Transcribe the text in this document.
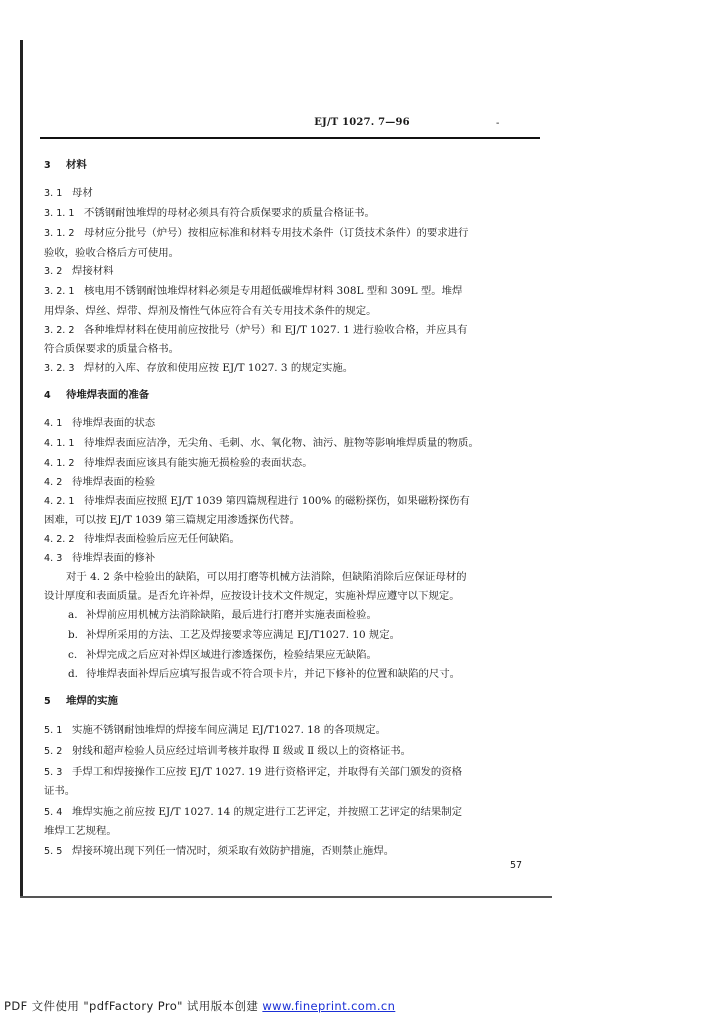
EJ/T 1027. 7—96	-
3 材料
3. 1 母材
3. 1. 1 不锈钢耐蚀堆焊的母材必须具有符合质保要求的质量合格证书。
3. 1. 2 母材应分批号（炉号）按相应标准和材料专用技术条件（订货技术条件）的要求进行
验收，验收合格后方可使用。
3. 2 焊接材料
3. 2. 1 核电用不锈钢耐蚀堆焊材料必须是专用超低碳堆焊材料 308L 型和 309L 型。堆焊
用焊条、焊丝、焊带、焊剂及惰性气体应符合有关专用技术条件的规定。
3. 2. 2 各种堆焊材料在使用前应按批号（炉号）和 EJ/T 1027. 1 进行验收合格，并应具有
符合质保要求的质量合格书。
3. 2. 3 焊材的入库、存放和使用应按 EJ/T 1027. 3 的规定实施。
4 待堆焊表面的准备
4. 1 待堆焊表面的状态
4. 1. 1 待堆焊表面应洁净，无尖角、毛刺、水、氧化物、油污、脏物等影响堆焊质量的物质。
4. 1. 2 待堆焊表面应该具有能实施无损检验的表面状态。
4. 2 待堆焊表面的检验
4. 2. 1 待堆焊表面应按照 EJ/T 1039 第四篇规程进行 100% 的磁粉探伤，如果磁粉探伤有
困难，可以按 EJ/T 1039 第三篇规定用渗透探伤代替。
4. 2. 2 待堆焊表面检验后应无任何缺陷。
4. 3 待堆焊表面的修补
对于 4. 2 条中检验出的缺陷，可以用打磨等机械方法消除，但缺陷消除后应保证母材的
设计厚度和表面质量。是否允许补焊，应按设计技术文件规定，实施补焊应遵守以下规定。
a. 补焊前应用机械方法消除缺陷，最后进行打磨并实施表面检验。
b. 补焊所采用的方法、工艺及焊接要求等应满足 EJ/T1027. 10 规定。
c. 补焊完成之后应对补焊区域进行渗透探伤，检验结果应无缺陷。
d. 待堆焊表面补焊后应填写报告或不符合项卡片，并记下修补的位置和缺陷的尺寸。
5 堆焊的实施
5. 1 实施不锈钢耐蚀堆焊的焊接车间应满足 EJ/T1027. 18 的各项规定。
5. 2 射线和超声检验人员应经过培训考核并取得 Ⅱ 级或 Ⅱ 级以上的资格证书。
5. 3 手焊工和焊接操作工应按 EJ/T 1027. 19 进行资格评定，并取得有关部门颁发的资格
证书。
5. 4 堆焊实施之前应按 EJ/T 1027. 14 的规定进行工艺评定，并按照工艺评定的结果制定
堆焊工艺规程。
5. 5 焊接环境出现下列任一情况时，须采取有效防护措施，否则禁止施焊。
57
PDF 文件使用 "pdfFactory Pro" 试用版本创建 www.fineprint.com.cn
